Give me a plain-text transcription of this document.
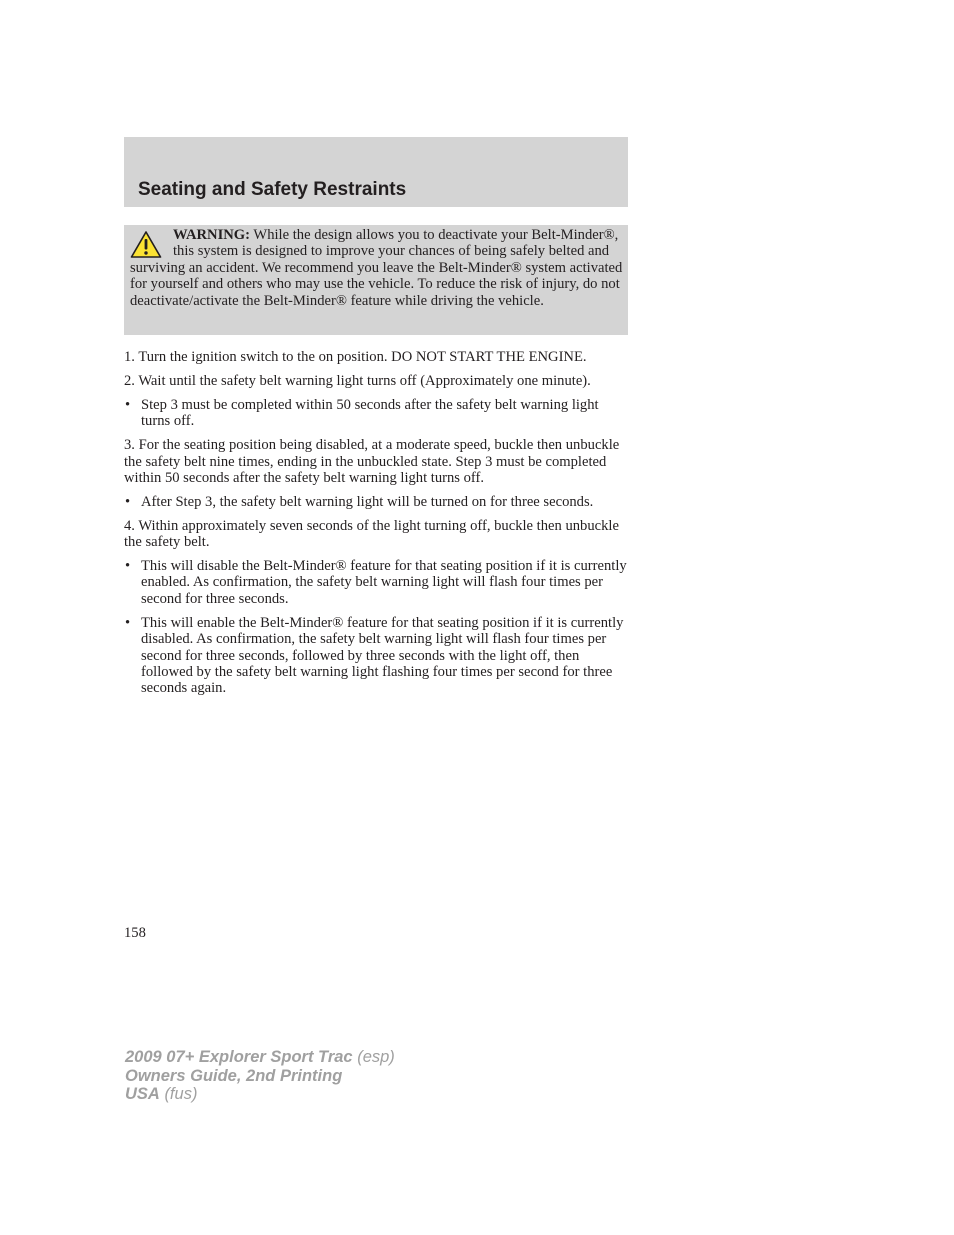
Seating and Safety Restraints

WARNING: While the design allows you to deactivate your Belt-Minder®, this system is designed to improve your chances of being safely belted and surviving an accident. We recommend you leave the Belt-Minder® system activated for yourself and others who may use the vehicle. To reduce the risk of injury, do not deactivate/activate the Belt-Minder® feature while driving the vehicle.

1. Turn the ignition switch to the on position. DO NOT START THE ENGINE.

2. Wait until the safety belt warning light turns off (Approximately one minute).

• Step 3 must be completed within 50 seconds after the safety belt warning light turns off.

3. For the seating position being disabled, at a moderate speed, buckle then unbuckle the safety belt nine times, ending in the unbuckled state. Step 3 must be completed within 50 seconds after the safety belt warning light turns off.

• After Step 3, the safety belt warning light will be turned on for three seconds.

4. Within approximately seven seconds of the light turning off, buckle then unbuckle the safety belt.

• This will disable the Belt-Minder® feature for that seating position if it is currently enabled. As confirmation, the safety belt warning light will flash four times per second for three seconds.
• This will enable the Belt-Minder® feature for that seating position if it is currently disabled. As confirmation, the safety belt warning light will flash four times per second for three seconds, followed by three seconds with the light off, then followed by the safety belt warning light flashing four times per second for three seconds again.
158
2009 07+ Explorer Sport Trac (esp)
Owners Guide, 2nd Printing
USA (fus)
